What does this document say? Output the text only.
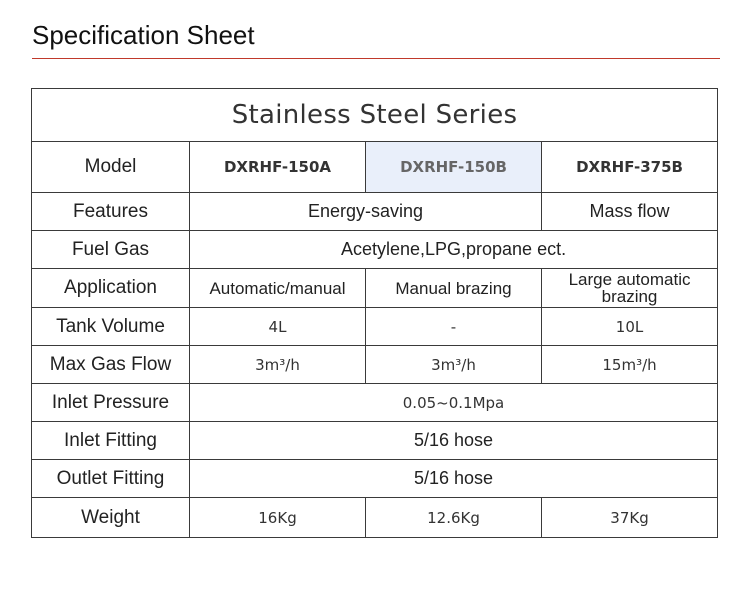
Specification Sheet
Stainless Steel Series			
Model	DXRHF-150A	DXRHF-150B	DXRHF-375B
Features	Energy-saving		Mass flow
Fuel Gas	Acetylene,LPG,propane ect.		
Application	Automatic/manual	Manual brazing	Large automatic brazing
Tank Volume	4L	-	10L
Max Gas Flow	3m³/h	3m³/h	15m³/h
Inlet Pressure	0.05~0.1Mpa		
Inlet Fitting	5/16 hose		
Outlet Fitting	5/16 hose		
Weight	16Kg	12.6Kg	37Kg
